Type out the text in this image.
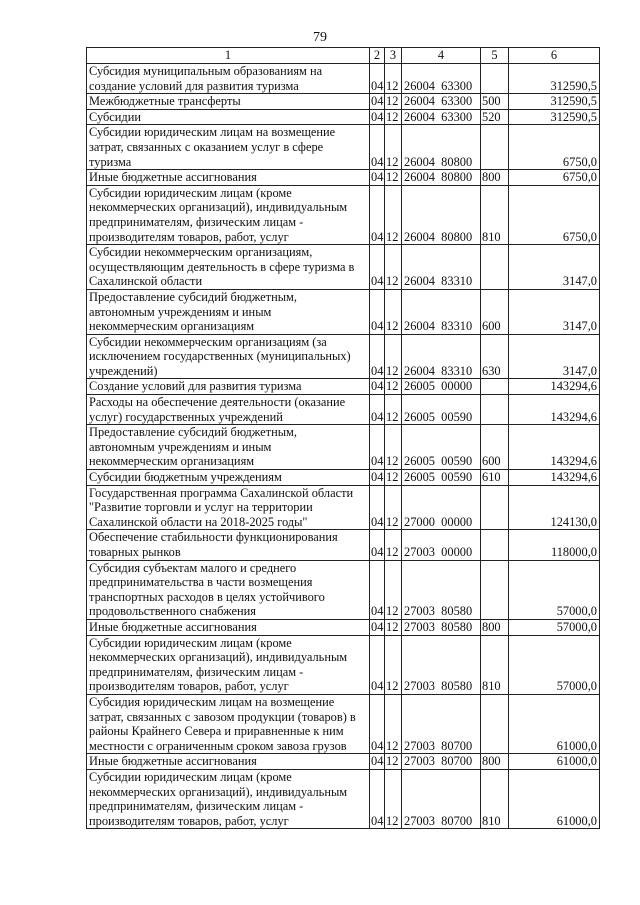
79
1	2	3	4	5	6
Субсидия муниципальным образованиям на
создание условий для развития туризма	04	12	26004  63300		312590,5
Межбюджетные трансферты	04	12	26004  63300	500	312590,5
Субсидии	04	12	26004  63300	520	312590,5
Субсидии юридическим лицам на возмещение
затрат, связанных с оказанием услуг в сфере
туризма	04	12	26004  80800		6750,0
Иные бюджетные ассигнования	04	12	26004  80800	800	6750,0
Субсидии юридическим лицам (кроме
некоммерческих организаций), индивидуальным
предпринимателям, физическим лицам -
производителям товаров, работ, услуг	04	12	26004  80800	810	6750,0
Субсидии некоммерческим организациям,
осуществляющим деятельность в сфере туризма в
Сахалинской области	04	12	26004  83310		3147,0
Предоставление субсидий бюджетным,
автономным учреждениям и иным
некоммерческим организациям	04	12	26004  83310	600	3147,0
Субсидии некоммерческим организациям (за
исключением государственных (муниципальных)
учреждений)	04	12	26004  83310	630	3147,0
Создание условий для развития туризма	04	12	26005  00000		143294,6
Расходы на обеспечение деятельности (оказание
услуг) государственных учреждений	04	12	26005  00590		143294,6
Предоставление субсидий бюджетным,
автономным учреждениям и иным
некоммерческим организациям	04	12	26005  00590	600	143294,6
Субсидии бюджетным учреждениям	04	12	26005  00590	610	143294,6
Государственная программа Сахалинской области
"Развитие торговли и услуг на территории
Сахалинской области на 2018-2025 годы"	04	12	27000  00000		124130,0
Обеспечение стабильности функционирования
товарных рынков	04	12	27003  00000		118000,0
Субсидия субъектам малого и среднего
предпринимательства в части возмещения
транспортных расходов в целях устойчивого
продовольственного снабжения	04	12	27003  80580		57000,0
Иные бюджетные ассигнования	04	12	27003  80580	800	57000,0
Субсидии юридическим лицам (кроме
некоммерческих организаций), индивидуальным
предпринимателям, физическим лицам -
производителям товаров, работ, услуг	04	12	27003  80580	810	57000,0
Субсидия юридическим лицам на возмещение
затрат, связанных с завозом продукции (товаров) в
районы Крайнего Севера и приравненные к ним
местности с ограниченным сроком завоза грузов	04	12	27003  80700		61000,0
Иные бюджетные ассигнования	04	12	27003  80700	800	61000,0
Субсидии юридическим лицам (кроме
некоммерческих организаций), индивидуальным
предпринимателям, физическим лицам -
производителям товаров, работ, услуг	04	12	27003  80700	810	61000,0
